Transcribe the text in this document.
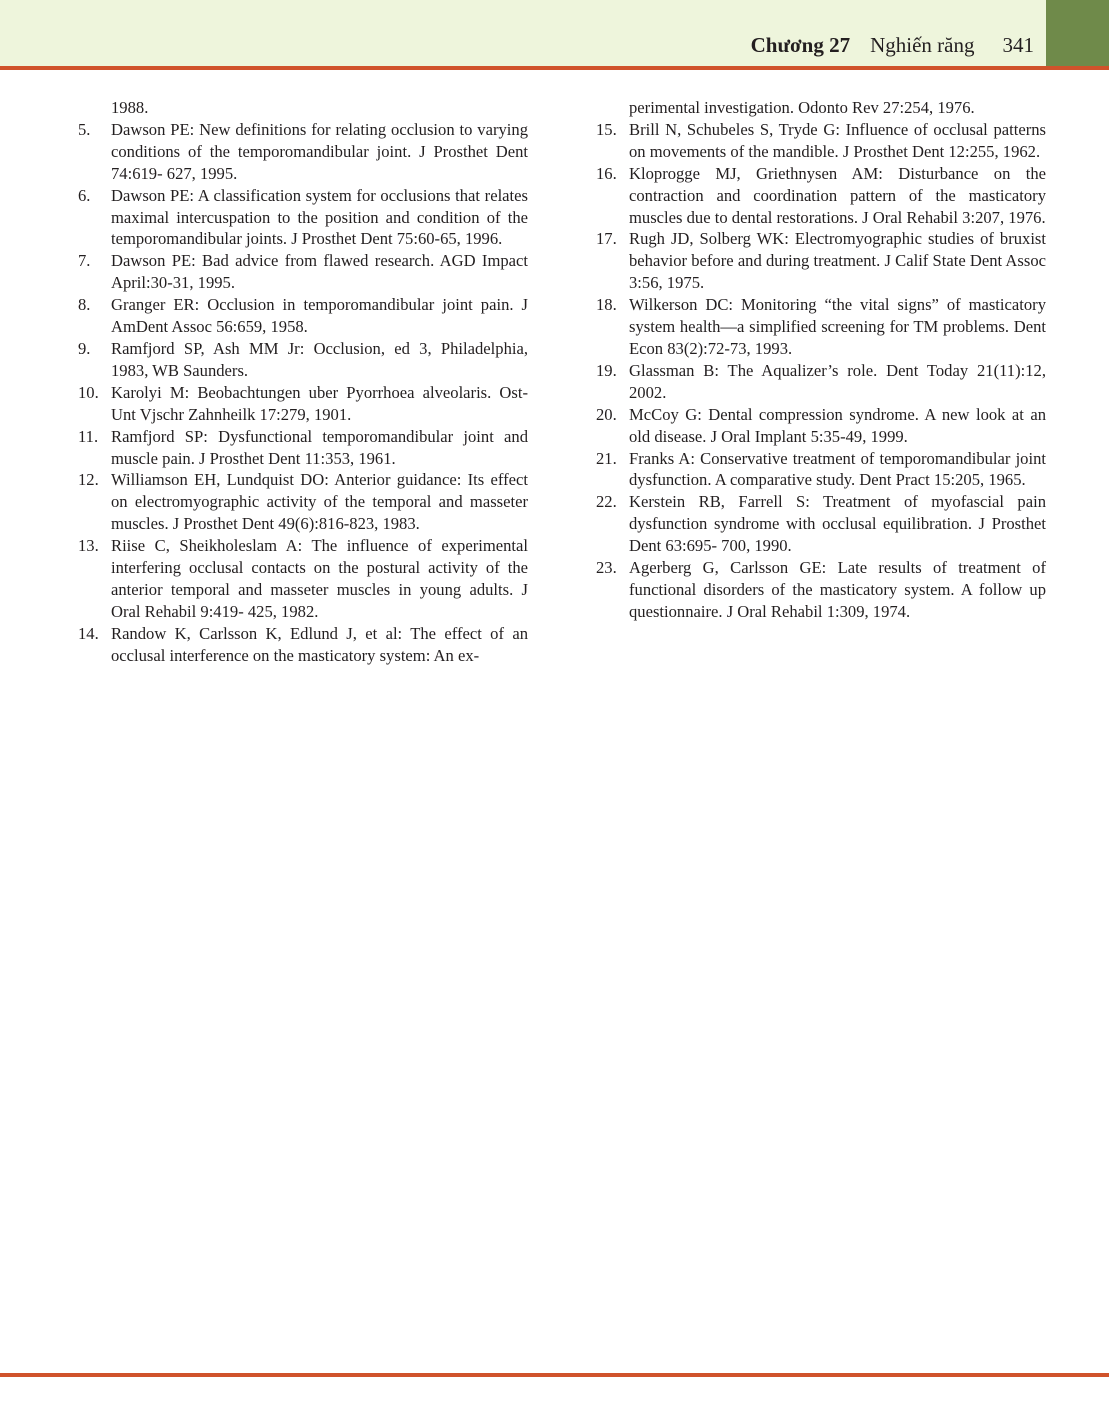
Chương 27 Nghiến răng 341
1988.
5.	Dawson PE: New definitions for relating occlusion to varying conditions of the temporomandibular joint. J Prosthet Dent 74:619- 627, 1995.
6.	Dawson PE: A classification system for occlusions that relates maximal intercuspation to the position and condition of the temporomandibular joints. J Prosthet Dent 75:60-65, 1996.
7.	Dawson PE: Bad advice from flawed research. AGD Impact April:30-31, 1995.
8.	Granger ER: Occlusion in temporomandibular joint pain. J AmDent Assoc 56:659, 1958.
9.	Ramfjord SP, Ash MM Jr: Occlusion, ed 3, Philadelphia, 1983, WB Saunders.
10. Karolyi M: Beobachtungen uber Pyorrhoea alveolaris. Ost-Unt Vjschr Zahnheilk 17:279, 1901.
11. Ramfjord SP: Dysfunctional temporomandibular joint and muscle pain. J Prosthet Dent 11:353, 1961.
12. Williamson EH, Lundquist DO: Anterior guidance: Its effect on electromyographic activity of the temporal and masseter muscles. J Prosthet Dent 49(6):816-823, 1983.
13. Riise C, Sheikholeslam A: The influence of experimental interfering occlusal contacts on the postural activity of the anterior temporal and masseter muscles in young adults. J Oral Rehabil 9:419- 425, 1982.
14. Randow K, Carlsson K, Edlund J, et al: The effect of an occlusal interference on the masticatory system: An ex-
perimental investigation. Odonto Rev 27:254, 1976.
15. Brill N, Schubeles S, Tryde G: Influence of occlusal patterns on movements of the mandible. J Prosthet Dent 12:255, 1962.
16. Kloprogge MJ, Griethnysen AM: Disturbance on the contraction and coordination pattern of the masticatory muscles due to dental restorations. J Oral Rehabil 3:207, 1976.
17. Rugh JD, Solberg WK: Electromyographic studies of bruxist behavior before and during treatment. J Calif State Dent Assoc 3:56, 1975.
18. Wilkerson DC: Monitoring “the vital signs” of masticatory system health—a simplified screening for TM problems. Dent Econ 83(2):72-73, 1993.
19. Glassman B: The Aqualizer’s role. Dent Today 21(11):12, 2002.
20. McCoy G: Dental compression syndrome. A new look at an old disease. J Oral Implant 5:35-49, 1999.
21. Franks A: Conservative treatment of temporomandibular joint dysfunction. A comparative study. Dent Pract 15:205, 1965.
22. Kerstein RB, Farrell S: Treatment of myofascial pain dysfunction syndrome with occlusal equilibration. J Prosthet Dent 63:695- 700, 1990.
23. Agerberg G, Carlsson GE: Late results of treatment of functional disorders of the masticatory system. A follow up questionnaire. J Oral Rehabil 1:309, 1974.
